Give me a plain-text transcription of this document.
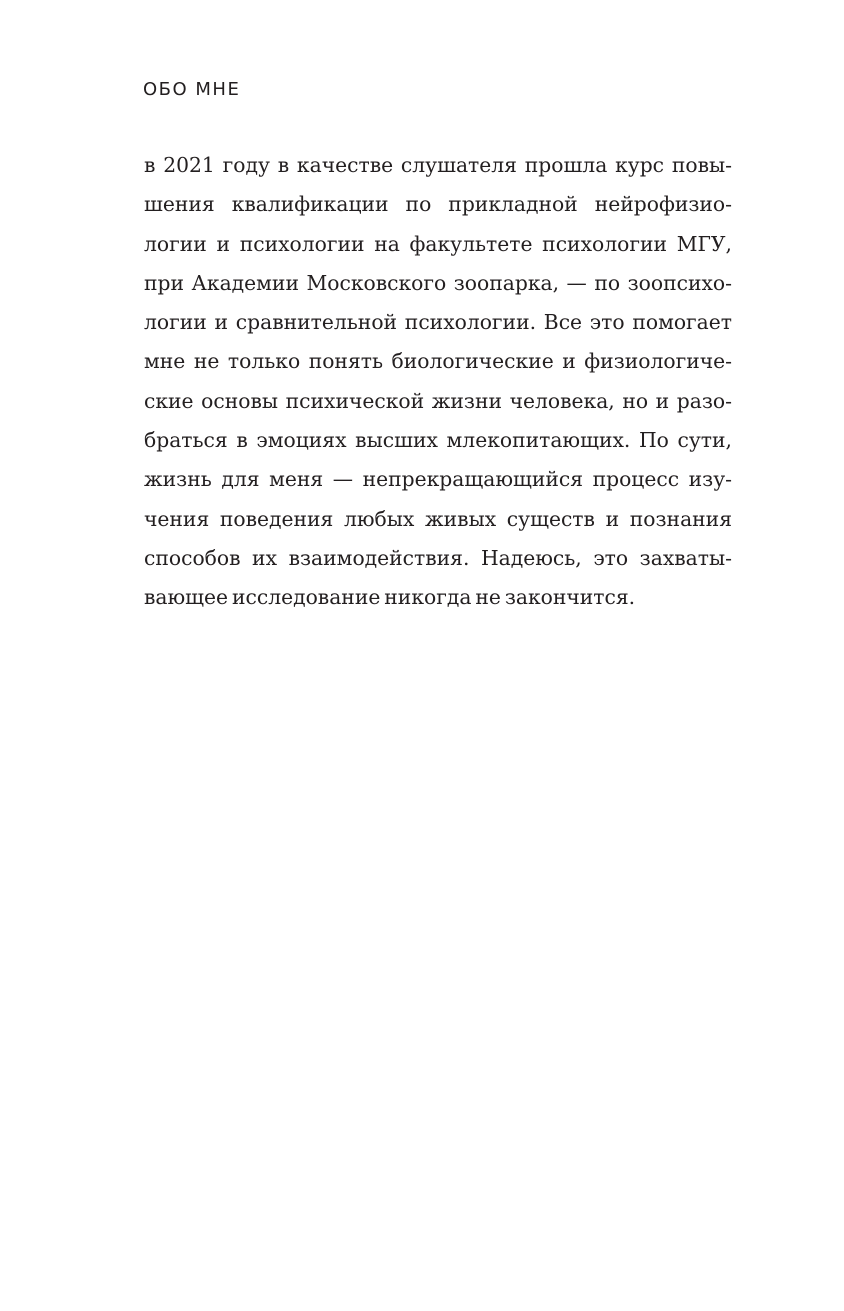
ОБО МНЕ
в 2021 году в качестве слушателя прошла курс повы-
шения квалификации по прикладной нейрофизио-
логии и психологии на факультете психологии МГУ,
при Академии Московского зоопарка, — по зоопсихо-
логии и сравнительной психологии. Все это помогает
мне не только понять биологические и физиологиче-
ские основы психической жизни человека, но и разо-
браться в эмоциях высших млекопитающих. По сути,
жизнь для меня — непрекращающийся процесс изу-
чения поведения любых живых существ и познания
способов их взаимодействия. Надеюсь, это захваты-
вающее исследование никогда не закончится.
